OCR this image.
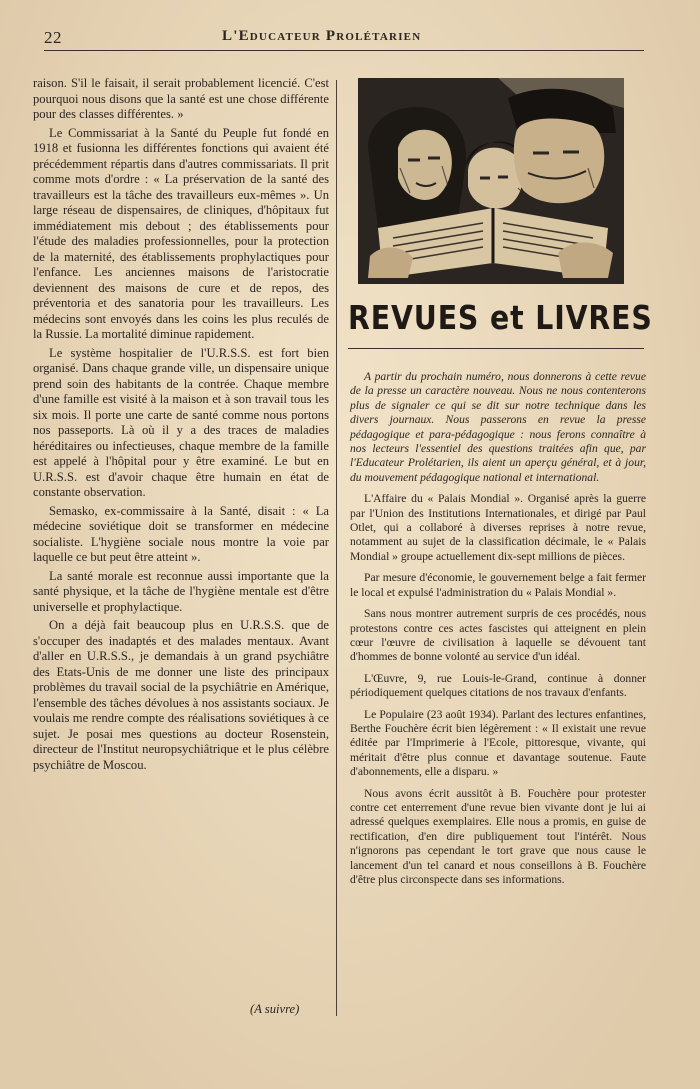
22	L'Educateur Prolétarien

raison. S'il le faisait, il serait probablement licencié. C'est pourquoi nous disons que la santé est une chose différente pour des classes différentes. »

Le Commissariat à la Santé du Peuple fut fondé en 1918 et fusionna les différentes fonctions qui avaient été précédemment répartis dans d'autres commissariats. Il prit comme mots d'ordre : « La préservation de la santé des travailleurs est la tâche des travailleurs eux-mêmes ». Un large réseau de dispensaires, de cliniques, d'hôpitaux fut immédiatement mis debout ; des établissements pour l'étude des maladies professionnelles, pour la protection de la maternité, des établissements prophylactiques pour l'enfance. Les anciennes maisons de l'aristocratie deviennent des maisons de cure et de repos, des préventoria et des sanatoria pour les travailleurs. Les médecins sont envoyés dans les coins les plus reculés de la Russie. La mortalité diminue rapidement.

Le système hospitalier de l'U.R.S.S. est fort bien organisé. Dans chaque grande ville, un dispensaire unique prend soin des habitants de la contrée. Chaque membre d'une famille est visité à la maison et à son travail tous les six mois. Il porte une carte de santé comme nous portons nos passeports. Là où il y a des traces de maladies héréditaires ou infectieuses, chaque membre de la famille est appelé à l'hôpital pour y être examiné. Le but en U.R.S.S. est d'avoir chaque être humain en état de constante observation.

Semasko, ex-commissaire à la Santé, disait : « La médecine soviétique doit se transformer en médecine socialiste. L'hygiène sociale nous montre la voie par laquelle ce but peut être atteint ».

La santé morale est reconnue aussi importante que la santé physique, et la tâche de l'hygiène mentale est d'être universelle et prophylactique.

On a déjà fait beaucoup plus en U.R.S.S. que de s'occuper des inadaptés et des malades mentaux. Avant d'aller en U.R.S.S., je demandais à un grand psychiâtre des Etats-Unis de me donner une liste des principaux problèmes du travail social de la psychiâtrie en Amérique, l'ensemble des tâches dévolues à nos assistants sociaux. Je voulais me rendre compte des réalisations soviétiques à ce sujet. Je posai mes questions au docteur Rosenstein, directeur de l'Institut neuropsychiâtrique et le plus célèbre psychiâtre de Moscou.

(A suivre)
REVUES et LIVRES

A partir du prochain numéro, nous donnerons à cette revue de la presse un caractère nouveau. Nous ne nous contenterons plus de signaler ce qui se dit sur notre technique dans les divers journaux. Nous passerons en revue la presse pédagogique et para-pédagogique : nous ferons connaître à nos lecteurs l'essentiel des questions traitées afin que, par l'Educateur Prolétarien, ils aient un aperçu général, et à jour, du mouvement pédagogique national et international.

L'Affaire du « Palais Mondial ». Organisé après la guerre par l'Union des Institutions Internationales, et dirigé par Paul Otlet, qui a collaboré à diverses reprises à notre revue, notamment au sujet de la classification décimale, le « Palais Mondial » groupe actuellement dix-sept millions de pièces.

Par mesure d'économie, le gouvernement belge a fait fermer le local et expulsé l'administration du « Palais Mondial ».

Sans nous montrer autrement surpris de ces procédés, nous protestons contre ces actes fascistes qui atteignent en plein cœur l'œuvre de civilisation à laquelle se dévouent tant d'hommes de bonne volonté au service d'un idéal.

L'Œuvre, 9, rue Louis-le-Grand, continue à donner périodiquement quelques citations de nos travaux d'enfants.

Le Populaire (23 août 1934). Parlant des lectures enfantines, Berthe Fouchère écrit bien légèrement : « Il existait une revue éditée par l'Imprimerie à l'Ecole, pittoresque, vivante, qui méritait d'être plus connue et davantage soutenue. Faute d'abonnements, elle a disparu. »

Nous avons écrit aussitôt à B. Fouchère pour protester contre cet enterrement d'une revue bien vivante dont je lui ai adressé quelques exemplaires. Elle nous a promis, en guise de rectification, d'en dire publiquement tout l'intérêt. Nous n'ignorons pas cependant le tort grave que nous cause le lancement d'un tel canard et nous conseillons à B. Fouchère d'être plus circonspecte dans ses informations.
